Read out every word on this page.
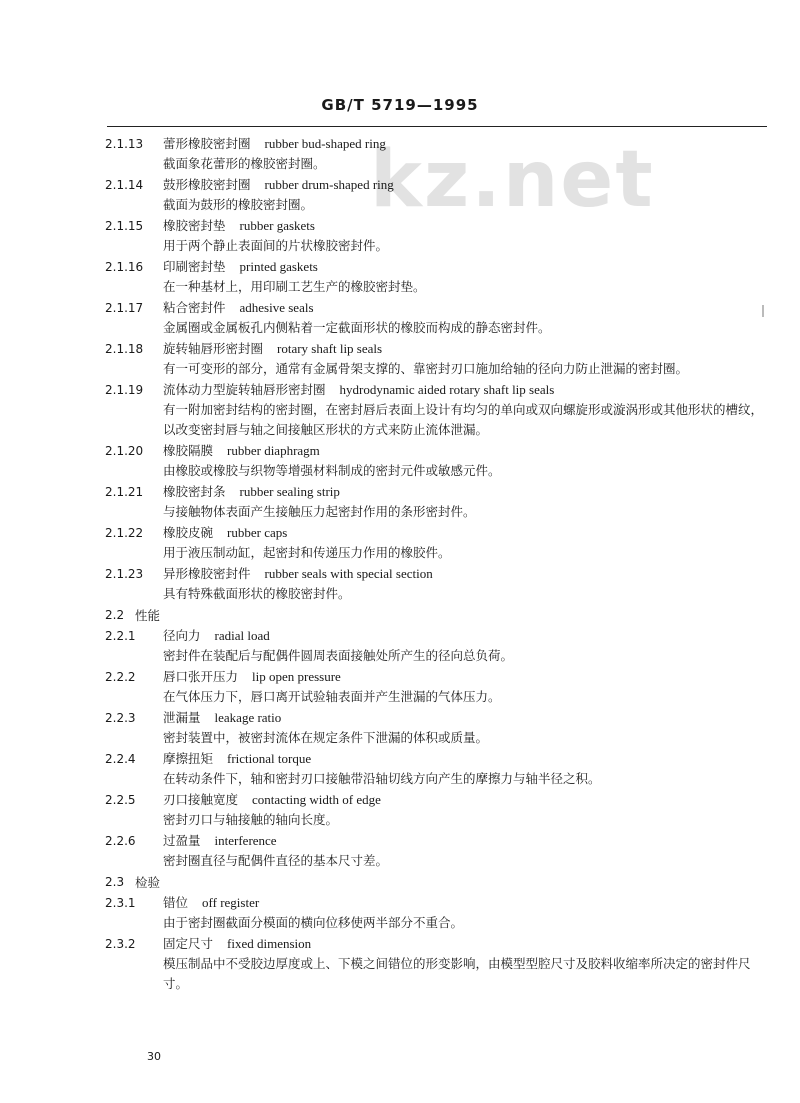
GB/T 5719—1995
kz.net
2.1.13	蕾形橡胶密封圈 rubber bud-shaped ring
截面象花蕾形的橡胶密封圈。
2.1.14	鼓形橡胶密封圈 rubber drum-shaped ring
截面为鼓形的橡胶密封圈。
2.1.15	橡胶密封垫 rubber gaskets
用于两个静止表面间的片状橡胶密封件。
2.1.16	印刷密封垫 printed gaskets
在一种基材上，用印刷工艺生产的橡胶密封垫。
2.1.17	粘合密封件 adhesive seals
金属圈或金属板孔内侧粘着一定截面形状的橡胶而构成的静态密封件。
2.1.18	旋转轴唇形密封圈 rotary shaft lip seals
有一可变形的部分，通常有金属骨架支撑的、靠密封刃口施加给轴的径向力防止泄漏的密封圈。
2.1.19	流体动力型旋转轴唇形密封圈 hydrodynamic aided rotary shaft lip seals
有一附加密封结构的密封圈，在密封唇后表面上设计有均匀的单向或双向螺旋形或漩涡形或其他形状的槽纹，以改变密封唇与轴之间接触区形状的方式来防止流体泄漏。
2.1.20	橡胶隔膜 rubber diaphragm
由橡胶或橡胶与织物等增强材料制成的密封元件或敏感元件。
2.1.21	橡胶密封条 rubber sealing strip
与接触物体表面产生接触压力起密封作用的条形密封件。
2.1.22	橡胶皮碗 rubber caps
用于液压制动缸，起密封和传递压力作用的橡胶件。
2.1.23	异形橡胶密封件 rubber seals with special section
具有特殊截面形状的橡胶密封件。
2.2 性能
2.2.1	径向力 radial load
密封件在装配后与配偶件圆周表面接触处所产生的径向总负荷。
2.2.2	唇口张开压力 lip open pressure
在气体压力下，唇口离开试验轴表面并产生泄漏的气体压力。
2.2.3	泄漏量 leakage ratio
密封装置中，被密封流体在规定条件下泄漏的体积或质量。
2.2.4	摩擦扭矩 frictional torque
在转动条件下，轴和密封刃口接触带沿轴切线方向产生的摩擦力与轴半径之积。
2.2.5	刃口接触宽度 contacting width of edge
密封刃口与轴接触的轴向长度。
2.2.6	过盈量 interference
密封圈直径与配偶件直径的基本尺寸差。
2.3 检验
2.3.1	错位 off register
由于密封圈截面分模面的横向位移使两半部分不重合。
2.3.2	固定尺寸 fixed dimension
模压制品中不受胶边厚度或上、下模之间错位的形变影响，由模型型腔尺寸及胶料收缩率所决定的密封件尺寸。
30
